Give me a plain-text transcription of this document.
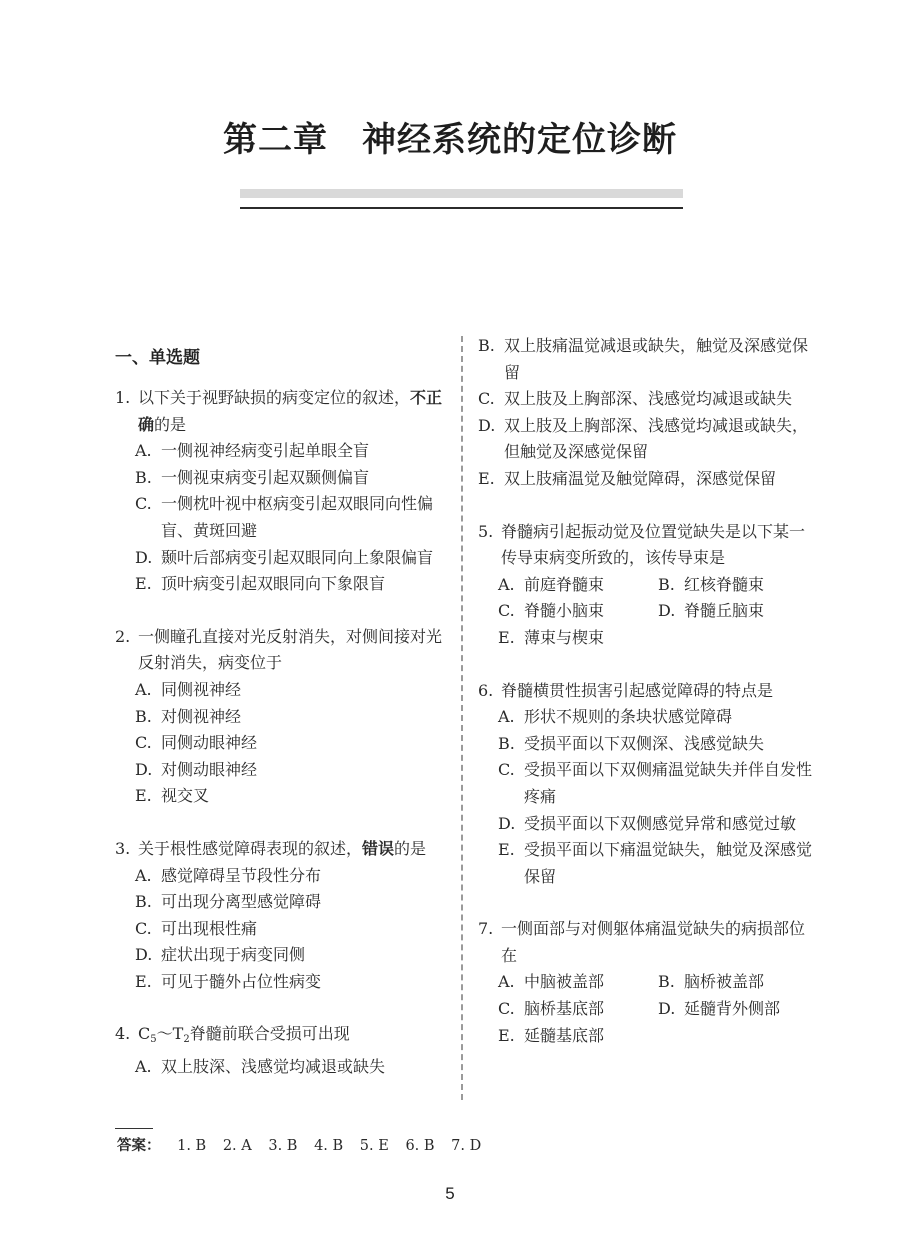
第二章 神经系统的定位诊断
一、单选题
1. 以下关于视野缺损的病变定位的叙述，不正确的是
A. 一侧视神经病变引起单眼全盲
B. 一侧视束病变引起双颞侧偏盲
C. 一侧枕叶视中枢病变引起双眼同向性偏盲、黄斑回避
D. 颞叶后部病变引起双眼同向上象限偏盲
E. 顶叶病变引起双眼同向下象限盲
2. 一侧瞳孔直接对光反射消失，对侧间接对光反射消失，病变位于
A. 同侧视神经
B. 对侧视神经
C. 同侧动眼神经
D. 对侧动眼神经
E. 视交叉
3. 关于根性感觉障碍表现的叙述，错误的是
A. 感觉障碍呈节段性分布
B. 可出现分离型感觉障碍
C. 可出现根性痛
D. 症状出现于病变同侧
E. 可见于髓外占位性病变
4. $C_5\sim T_2$脊髓前联合受损可出现
A. 双上肢深、浅感觉均减退或缺失
B. 双上肢痛温觉减退或缺失，触觉及深感觉保留
C. 双上肢及上胸部深、浅感觉均减退或缺失
D. 双上肢及上胸部深、浅感觉均减退或缺失，但触觉及深感觉保留
E. 双上肢痛温觉及触觉障碍，深感觉保留
5. 脊髓病引起振动觉及位置觉缺失是以下某一传导束病变所致的，该传导束是
A. 前庭脊髓束	B. 红核脊髓束
C. 脊髓小脑束	D. 脊髓丘脑束
E. 薄束与楔束
6. 脊髓横贯性损害引起感觉障碍的特点是
A. 形状不规则的条块状感觉障碍
B. 受损平面以下双侧深、浅感觉缺失
C. 受损平面以下双侧痛温觉缺失并伴自发性疼痛
D. 受损平面以下双侧感觉异常和感觉过敏
E. 受损平面以下痛温觉缺失，触觉及深感觉保留
7. 一侧面部与对侧躯体痛温觉缺失的病损部位在
A. 中脑被盖部	B. 脑桥被盖部
C. 脑桥基底部	D. 延髓背外侧部
E. 延髓基底部
答案： 1. B 2. A 3. B 4. B 5. E 6. B 7. D
5
